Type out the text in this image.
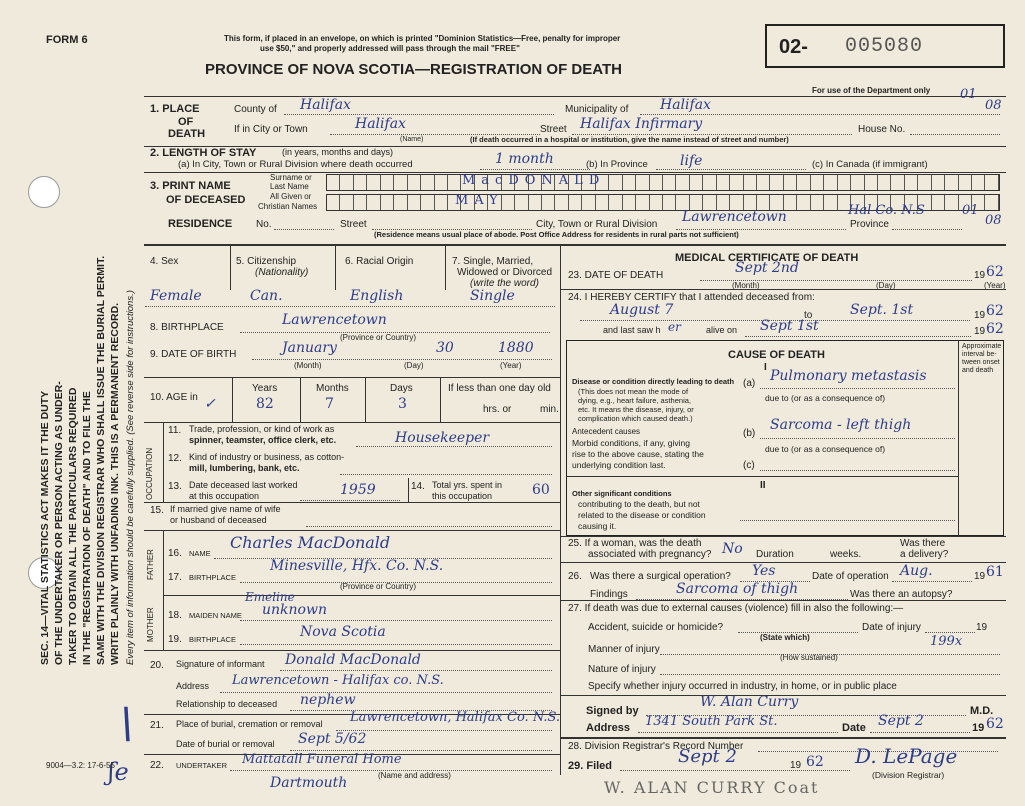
FORM 6	This form, if placed in an envelope, on which is printed "Dominion Statistics—Free, penalty for improper
use $50," and properly addressed will pass through the mail "FREE"
PROVINCE OF NOVA SCOTIA—REGISTRATION OF DEATH
02- 005080
For use of the Department only
SEC. 14—VITAL STATISTICS ACT MAKES IT THE DUTY OF THE UNDERTAKER OR PERSON ACTING AS UNDER- TAKER TO OBTAIN ALL THE PARTICULARS REQUIRED IN THE "REGISTRATION OF DEATH" AND TO FILE THE SAME WITH THE DIVISION REGISTRAR WHO SHALL ISSUE THE BURIAL PERMIT. WRITE PLAINLY WITH UNFADING INK. THIS IS A PERMANENT RECORD. Every item of information should be carefully supplied. (See reverse side for instructions.)
1. PLACE
OF
DEATH
County of Halifax	Municipality of Halifax
If in City or Town	Halifax
(Name)
Street Halifax Infirmary	House No.
(If death occurred in a hospital or institution, give the name instead of street and number)
2. LENGTH OF STAY	(in years, months and days)
(a) In City, Town or Rural Division where death occurred	1 month	(b) In Province life	(c) In Canada (if immigrant)
3. PRINT NAME
OF DECEASED
Surname or
Last Name
All Given or
Christian Names
MacDONALD
MAY
RESIDENCE No.	Street	City, Town or Rural Division Lawrencetown	Province
Hal Co. N.S
(Residence means usual place of abode. Post Office Address for residents in rural parts not sufficient)
01
08
01
08
4. Sex	5. Citizenship
(Nationality)
6. Racial Origin	7. Single, Married,
Widowed or Divorced
(write the word)
Female	Can.	English	Single
8. BIRTHPLACE	Lawrencetown
(Province or Country)
9. DATE OF BIRTH	January	30	1880
(Month)	(Day)	(Year)
10. AGE in ✓
Years	Months	Days	If less than one day old
82	7	3	hrs. or	min.
OCCUPATION
11. Trade, profession, or kind of work as
spinner, teamster, office clerk, etc.	Housekeeper
12. Kind of industry or business, as cotton-
mill, lumbering, bank, etc.
13. Date deceased last worked
at this occupation	1959	14. Total yrs. spent in
this occupation	60
15. If married give name of wife
or husband of deceased
FATHER
MOTHER
16. NAME
Charles MacDonald
17. BIRTHPLACE
Minesville, Hfx. Co. N.S.
(Province or Country)
Emeline
18. MAIDEN NAME unknown
19. BIRTHPLACE	Nova Scotia
20. Signature of informant Donald MacDonald
Address Lawrencetown - Halifax co. N.S.
Relationship to deceased nephew
21. Place of burial, cremation or removal Lawrencetown, Halifax Co. N.S.
Date of burial or removal Sept 5/62
22. UNDERTAKER Mattatall Funeral Home
Dartmouth	(Name and address)
MEDICAL CERTIFICATE OF DEATH
23. DATE OF DEATH	Sept 2nd	19 62
(Month)	(Day)	(Year)
24. I HEREBY CERTIFY that I attended deceased from:
August 7	to	Sept. 1st	19 62
and last saw h er	alive on Sept 1st	19 62
CAUSE OF DEATH
I
Approximate
interval be-
tween onset
and death
Disease or condition directly leading to death
(This does not mean the mode of
dying, e.g., heart failure, asthenia,
etc. It means the disease, injury, or
complication which caused death.)
(a) Pulmonary metastasis
due to (or as a consequence of)
Antecedent causes
Morbid conditions, if any, giving
rise to the above cause, stating the
underlying condition last.
(b)
Sarcoma - left thigh
due to (or as a consequence of)
(c)
II
Other significant conditions
contributing to the death, but not
related to the disease or condition
causing it.
25. If a woman, was the death
associated with pregnancy? No Duration	weeks.
Was there
a delivery?
26. Was there a surgical operation? Yes	Date of operation Aug.	19 61
Findings	Sarcoma of thigh	Was there an autopsy?
27. If death was due to external causes (violence) fill in also the following:—
Accident, suicide or homicide?	Date of injury	19
(State which)
Manner of injury
199x
(How sustained)
Nature of injury
Specify whether injury occurred in industry, in home, or in public place
Signed by
W. Alan Curry
M.D.
Address 1341 South Park St.	Date Sept 2	19 62
28. Division Registrar's Record Number
29. Filed	Sept 2	19 62 D. LePage
(Division Registrar)
W. ALAN CURRY Coat
ʃe
∖
9004—3.2: 17-6-55
